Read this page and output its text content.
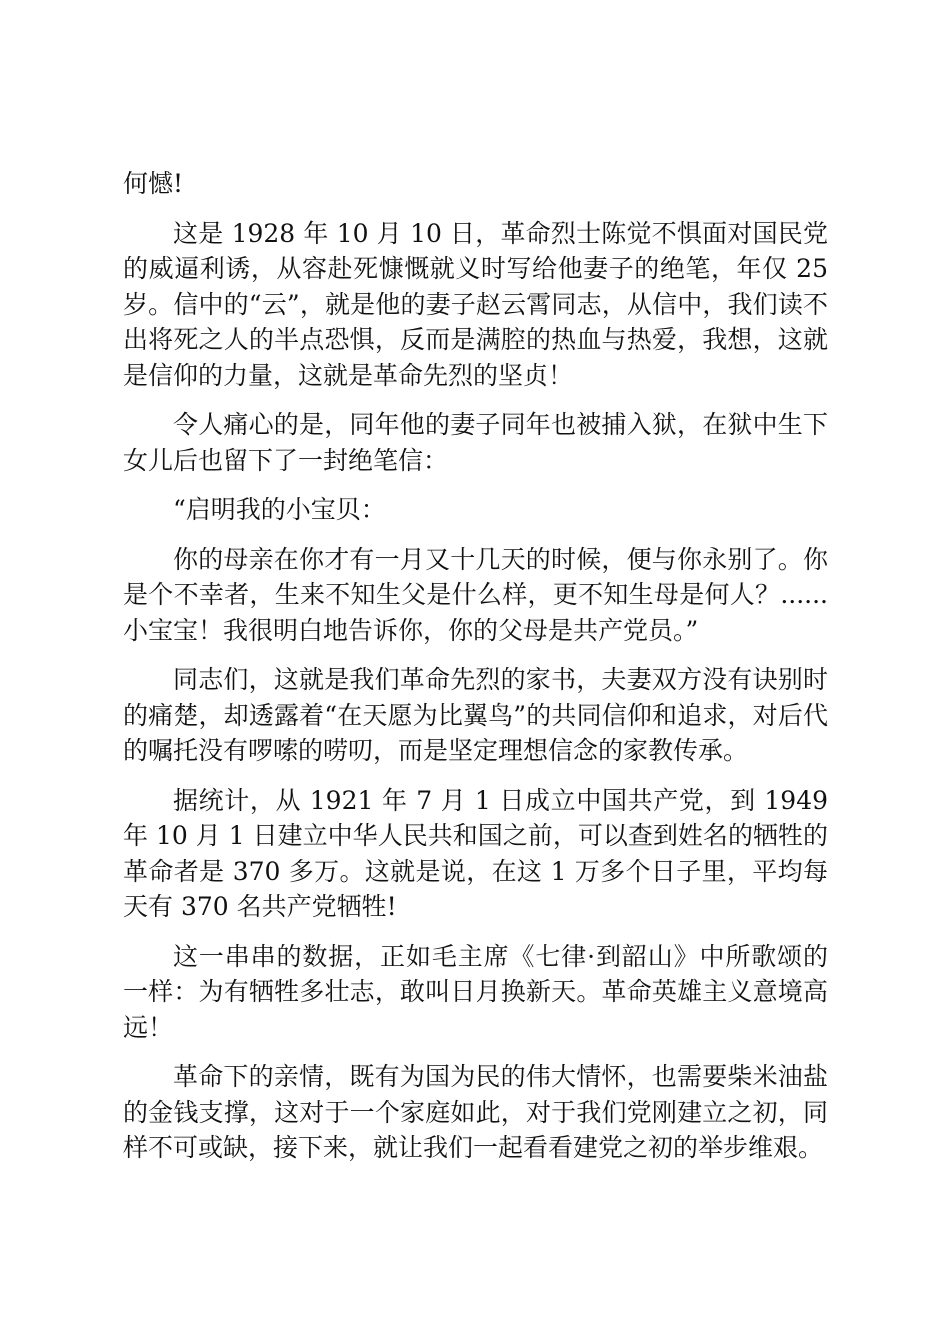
何憾!

这是 1928 年 10 月 10 日，革命烈士陈觉不惧面对国民党的威逼利诱，从容赴死慷慨就义时写给他妻子的绝笔，年仅 25 岁。信中的“云”，就是他的妻子赵云霄同志，从信中，我们读不出将死之人的半点恐惧，反而是满腔的热血与热爱，我想，这就是信仰的力量，这就是革命先烈的坚贞！

令人痛心的是，同年他的妻子同年也被捕入狱，在狱中生下女儿后也留下了一封绝笔信：

“启明我的小宝贝：

你的母亲在你才有一月又十几天的时候，便与你永别了。你是个不幸者，生来不知生父是什么样，更不知生母是何人？......小宝宝！我很明白地告诉你，你的父母是共产党员。”

同志们，这就是我们革命先烈的家书，夫妻双方没有诀别时的痛楚，却透露着“在天愿为比翼鸟”的共同信仰和追求，对后代的嘱托没有啰嗦的唠叨，而是坚定理想信念的家教传承。

据统计，从 1921 年 7 月 1 日成立中国共产党，到 1949 年 10 月 1 日建立中华人民共和国之前，可以查到姓名的牺牲的革命者是 370 多万。这就是说，在这 1 万多个日子里，平均每天有 370 名共产党牺牲!

这一串串的数据，正如毛主席《七律·到韶山》中所歌颂的一样：为有牺牲多壮志，敢叫日月换新天。革命英雄主义意境高远！

革命下的亲情，既有为国为民的伟大情怀，也需要柴米油盐的金钱支撑，这对于一个家庭如此，对于我们党刚建立之初，同样不可或缺，接下来，就让我们一起看看建党之初的举步维艰。
